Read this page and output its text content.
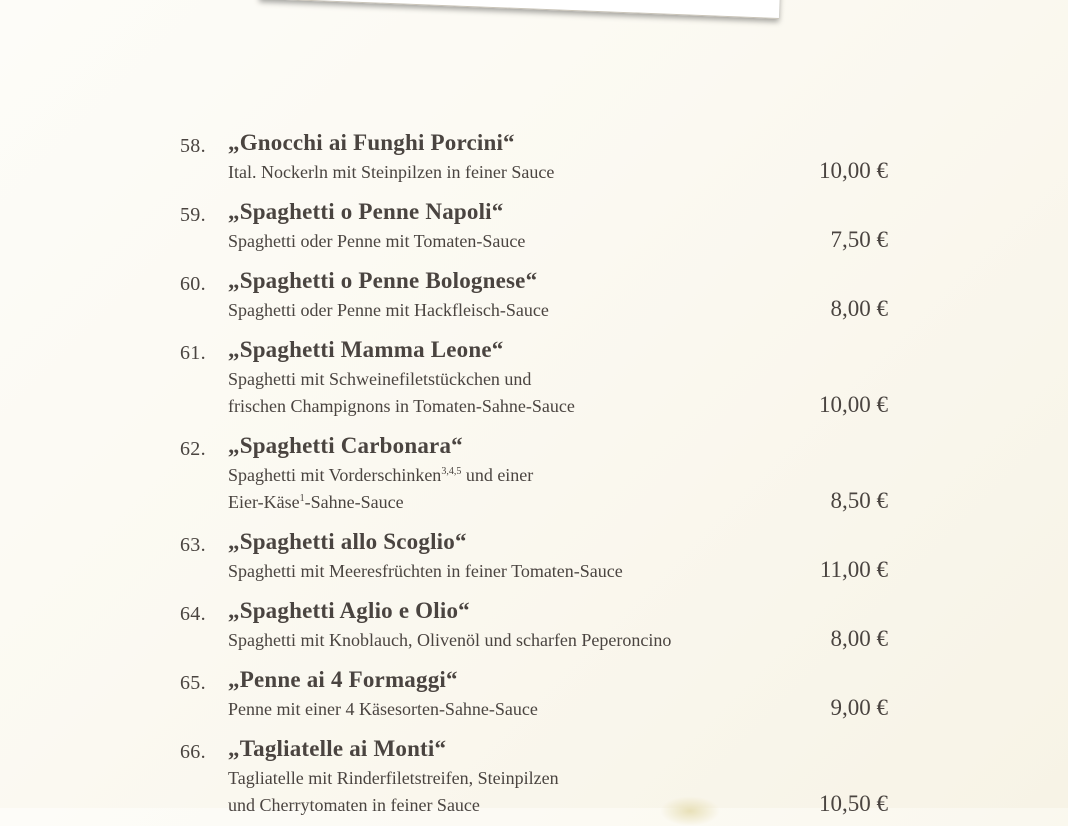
58. „Gnocchi ai Funghi Porcini“
Ital. Nockerln mit Steinpilzen in feiner Sauce	10,00 €
59. „Spaghetti o Penne Napoli“
Spaghetti oder Penne mit Tomaten-Sauce	7,50 €
60. „Spaghetti o Penne Bolognese“
Spaghetti oder Penne mit Hackfleisch-Sauce	8,00 €
61. „Spaghetti Mamma Leone“
Spaghetti mit Schweinefiletstückchen und
frischen Champignons in Tomaten-Sahne-Sauce	10,00 €
62. „Spaghetti Carbonara“
Spaghetti mit Vorderschinken$^{3,4,5}$ und einer
Eier-Käse$^1$-Sahne-Sauce	8,50 €
63. „Spaghetti allo Scoglio“
Spaghetti mit Meeresfrüchten in feiner Tomaten-Sauce	11,00 €
64. „Spaghetti Aglio e Olio“
Spaghetti mit Knoblauch, Olivenöl und scharfen Peperoncino	8,00 €
65. „Penne ai 4 Formaggi“
Penne mit einer 4 Käsesorten-Sahne-Sauce	9,00 €
66. „Tagliatelle ai Monti“
Tagliatelle mit Rinderfiletstreifen, Steinpilzen
und Cherrytomaten in feiner Sauce	10,50 €
